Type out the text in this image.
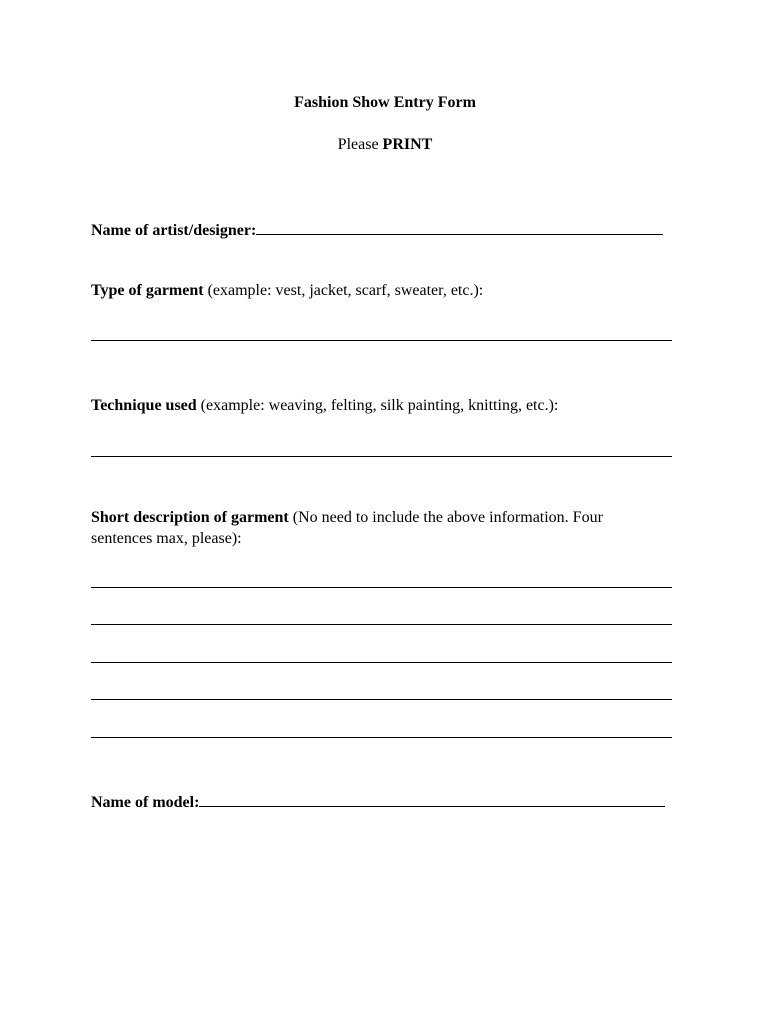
Fashion Show Entry Form
Please PRINT
Name of artist/designer:
Type of garment (example: vest, jacket, scarf, sweater, etc.):
Technique used (example: weaving, felting, silk painting, knitting, etc.):
Short description of garment (No need to include the above information. Four
sentences max, please):
Name of model:
